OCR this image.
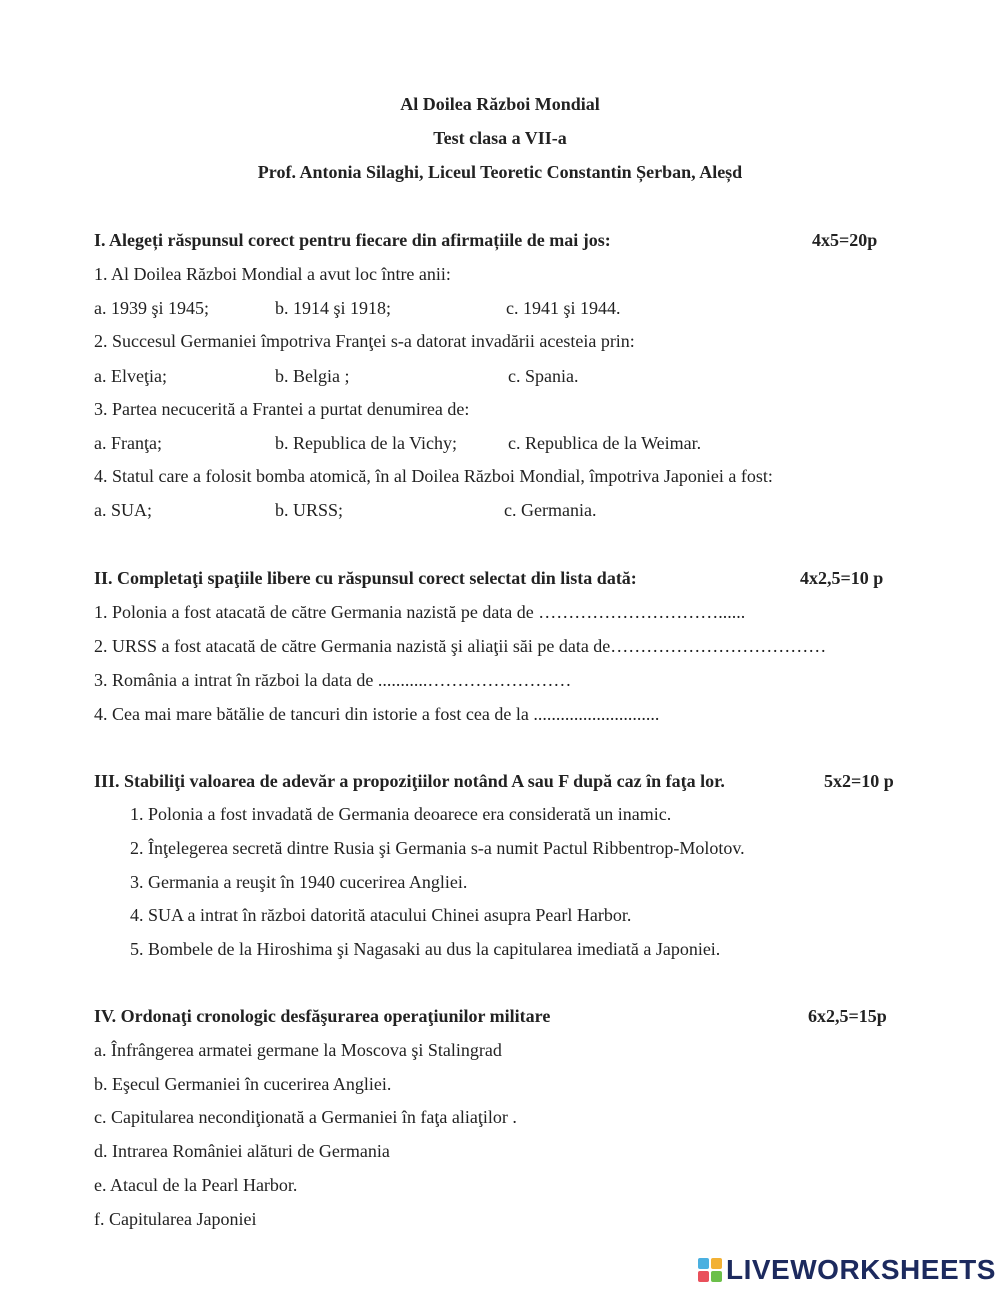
Al Doilea Război Mondial
Test clasa a VII-a
Prof. Antonia Silaghi, Liceul Teoretic Constantin Șerban, Aleșd
I. Alegeți răspunsul corect pentru fiecare din afirmațiile de mai jos:	4x5=20p
1. Al Doilea Război Mondial a avut loc între anii:
a. 1939 şi 1945;	b. 1914 şi 1918;	c. 1941 şi 1944.
2. Succesul Germaniei împotriva Franţei s-a datorat invadării acesteia prin:
a. Elveţia;	b. Belgia ;	c. Spania.
3. Partea necucerită a Frantei a purtat denumirea de:
a. Franţa;	b. Republica de la Vichy;	c. Republica de la Weimar.
4. Statul care a folosit bomba atomică, în al Doilea Război Mondial, împotriva Japoniei a fost:
a. SUA;	b. URSS;	c. Germania.
II. Completaţi spaţiile libere cu răspunsul corect selectat din lista dată:	4x2,5=10 p
1. Polonia a fost atacată de către Germania nazistă pe data de …………………………......
2. URSS a fost atacată de către Germania nazistă şi aliaţii săi pe data de………………………………
3. România a intrat în război la data de ...........……………………
4. Cea mai mare bătălie de tancuri din istorie a fost cea de la ............................
III. Stabiliţi valoarea de adevăr a propoziţiilor notând A sau F după caz în faţa lor.	5x2=10 p
1. Polonia a fost invadată de Germania deoarece era considerată un inamic.
2. Înţelegerea secretă dintre Rusia şi Germania s-a numit Pactul Ribbentrop-Molotov.
3. Germania a reuşit în 1940 cucerirea Angliei.
4. SUA a intrat în război datorită atacului Chinei asupra Pearl Harbor.
5. Bombele de la Hiroshima şi Nagasaki au dus la capitularea imediată a Japoniei.
IV. Ordonaţi cronologic desfăşurarea operaţiunilor militare	6x2,5=15p
a. Înfrângerea armatei germane la Moscova şi Stalingrad
b. Eşecul Germaniei în cucerirea Angliei.
c. Capitularea necondiţionată a Germaniei în faţa aliaţilor .
d. Intrarea României alături de Germania
e. Atacul de la Pearl Harbor.
f. Capitularea Japoniei
LIVEWORKSHEETS
